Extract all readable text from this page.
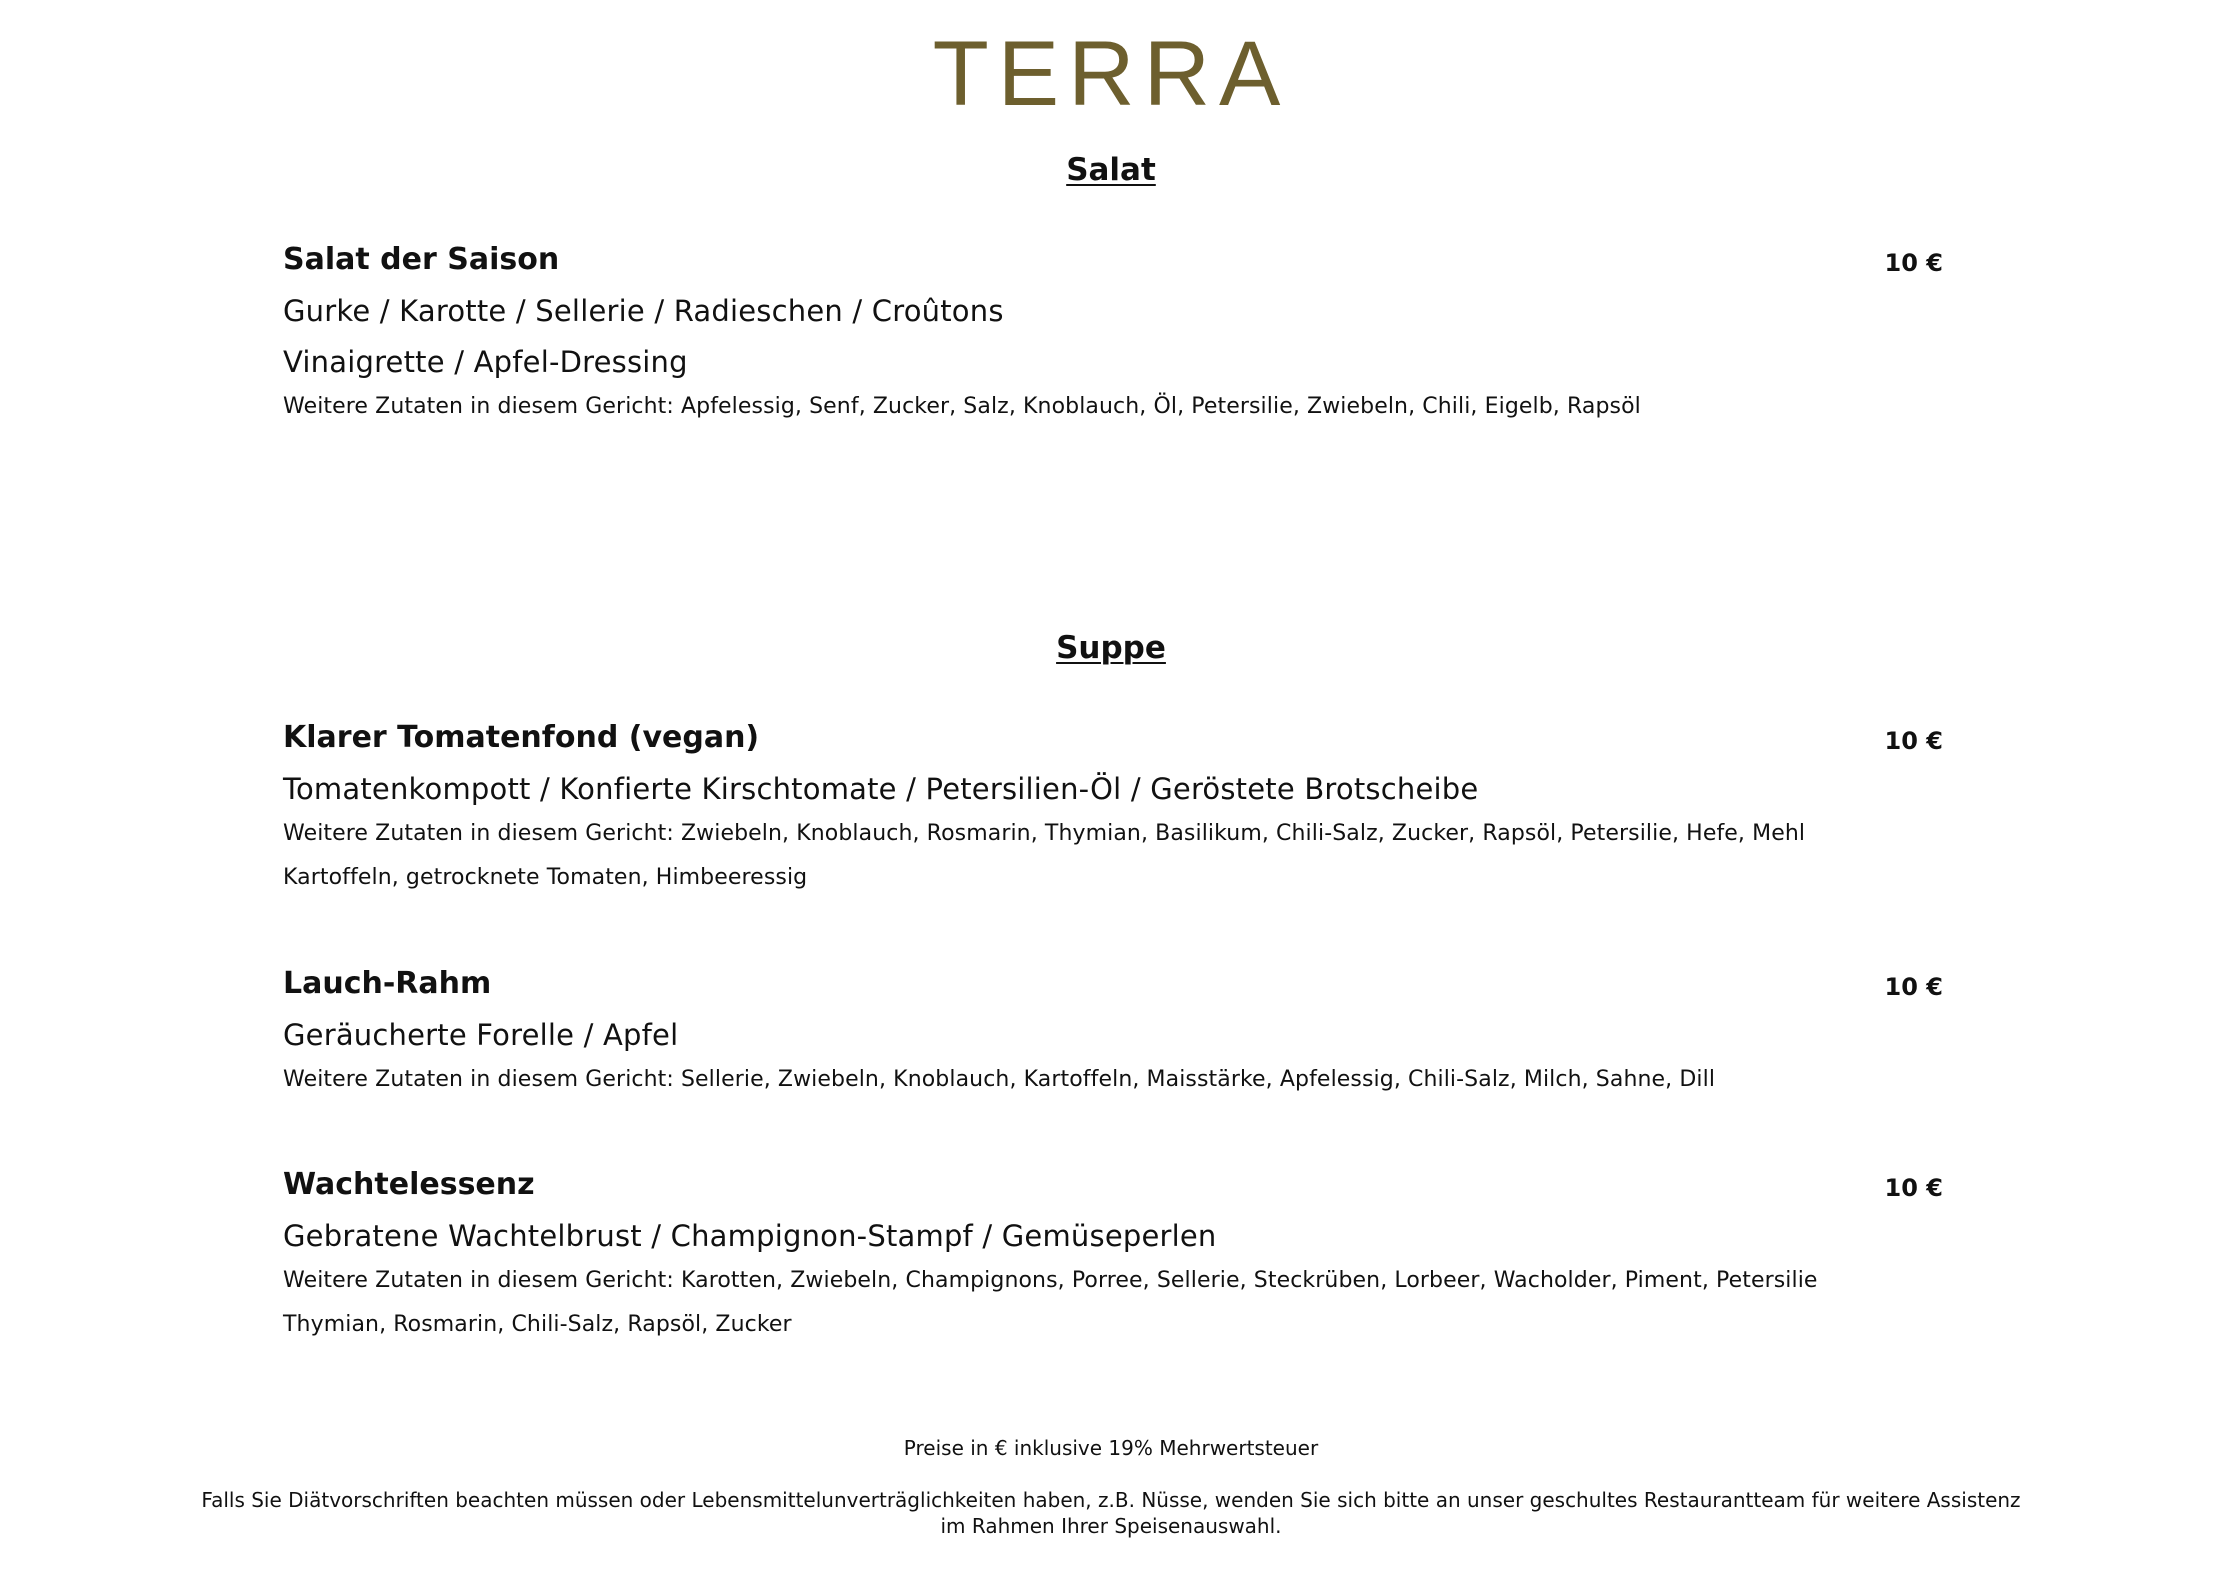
TERRA
Salat
Salat der Saison	10 €
Gurke / Karotte / Sellerie / Radieschen / Croûtons
Vinaigrette / Apfel-Dressing
Weitere Zutaten in diesem Gericht: Apfelessig, Senf, Zucker, Salz, Knoblauch, Öl, Petersilie, Zwiebeln, Chili, Eigelb, Rapsöl
Suppe
Klarer Tomatenfond (vegan)	10 €
Tomatenkompott / Konfierte Kirschtomate / Petersilien-Öl / Geröstete Brotscheibe
Weitere Zutaten in diesem Gericht: Zwiebeln, Knoblauch, Rosmarin, Thymian, Basilikum, Chili-Salz, Zucker, Rapsöl, Petersilie, Hefe, Mehl Kartoffeln, getrocknete Tomaten, Himbeeressig
Lauch-Rahm	10 €
Geräucherte Forelle / Apfel
Weitere Zutaten in diesem Gericht: Sellerie, Zwiebeln, Knoblauch, Kartoffeln, Maisstärke, Apfelessig, Chili-Salz, Milch, Sahne, Dill
Wachtelessenz	10 €
Gebratene Wachtelbrust / Champignon-Stampf / Gemüseperlen
Weitere Zutaten in diesem Gericht: Karotten, Zwiebeln, Champignons, Porree, Sellerie, Steckrüben, Lorbeer, Wacholder, Piment, Petersilie Thymian, Rosmarin, Chili-Salz, Rapsöl, Zucker
Preise in € inklusive 19% Mehrwertsteuer
Falls Sie Diätvorschriften beachten müssen oder Lebensmittelunverträglichkeiten haben, z.B. Nüsse, wenden Sie sich bitte an unser geschultes Restaurantteam für weitere Assistenz
im Rahmen Ihrer Speisenauswahl.
